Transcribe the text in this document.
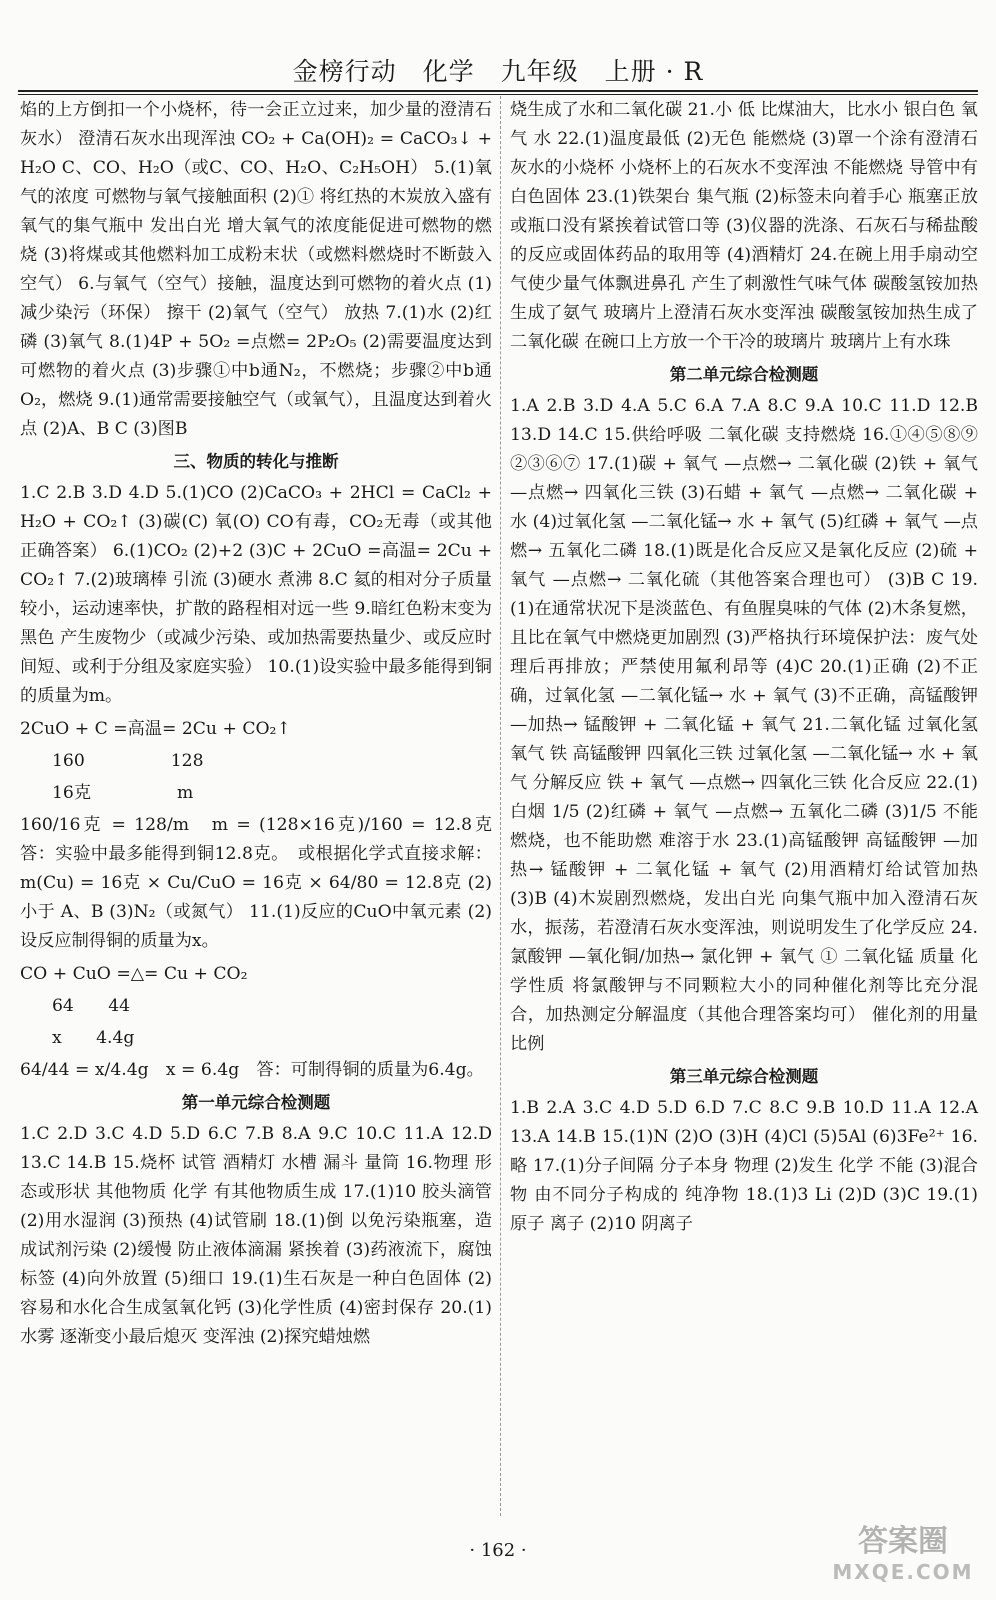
金榜行动　化学　九年级　上册 · R

焰的上方倒扣一个小烧杯，待一会正立过来，加少量的澄清石灰水） 澄清石灰水出现浑浊 CO₂ + Ca(OH)₂ = CaCO₃↓ + H₂O C、CO、H₂O（或C、CO、H₂O、C₂H₅OH） 5.(1)氧气的浓度 可燃物与氧气接触面积 (2)① 将红热的木炭放入盛有氧气的集气瓶中 发出白光 增大氧气的浓度能促进可燃物的燃烧 (3)将煤或其他燃料加工成粉末状（或燃料燃烧时不断鼓入空气） 6.与氧气（空气）接触，温度达到可燃物的着火点 (1)减少染污（环保） 擦干 (2)氧气（空气） 放热 7.(1)水 (2)红磷 (3)氧气 8.(1)4P + 5O₂ =点燃= 2P₂O₅ (2)需要温度达到可燃物的着火点 (3)步骤①中b通N₂，不燃烧；步骤②中b通O₂，燃烧 9.(1)通常需要接触空气（或氧气），且温度达到着火点 (2)A、B C (3)图B

三、物质的转化与推断

1.C 2.B 3.D 4.D 5.(1)CO (2)CaCO₃ + 2HCl = CaCl₂ + H₂O + CO₂↑ (3)碳(C) 氧(O) CO有毒，CO₂无毒（或其他正确答案） 6.(1)CO₂ (2)+2 (3)C + 2CuO =高温= 2Cu + CO₂↑ 7.(2)玻璃棒 引流 (3)硬水 煮沸 8.C 氦的相对分子质量较小，运动速率快，扩散的路程相对远一些 9.暗红色粉末变为黑色 产生废物少（或减少污染、或加热需要热量少、或反应时间短、或利于分组及家庭实验） 10.(1)设实验中最多能得到铜的质量为m。

2CuO + C =高温= 2Cu + CO₂↑

160　　　　　128

16克　　　　　m

160/16克 = 128/m　m = (128×16克)/160 = 12.8克　答：实验中最多能得到铜12.8克。　或根据化学式直接求解：m(Cu) = 16克 × Cu/CuO = 16克 × 64/80 = 12.8克 (2)小于 A、B (3)N₂（或氮气） 11.(1)反应的CuO中氧元素 (2)设反应制得铜的质量为x。

CO + CuO =△= Cu + CO₂

64　　44

x　　4.4g

64/44 = x/4.4g　x = 6.4g　答：可制得铜的质量为6.4g。

第一单元综合检测题

1.C 2.D 3.C 4.D 5.D 6.C 7.B 8.A 9.C 10.C 11.A 12.D 13.C 14.B 15.烧杯 试管 酒精灯 水槽 漏斗 量筒 16.物理 形态或形状 其他物质 化学 有其他物质生成 17.(1)10 胶头滴管 (2)用水湿润 (3)预热 (4)试管刷 18.(1)倒 以免污染瓶塞，造成试剂污染 (2)缓慢 防止液体滴漏 紧挨着 (3)药液流下，腐蚀标签 (4)向外放置 (5)细口 19.(1)生石灰是一种白色固体 (2)容易和水化合生成氢氧化钙 (3)化学性质 (4)密封保存 20.(1)水雾 逐渐变小最后熄灭 变浑浊 (2)探究蜡烛燃

烧生成了水和二氧化碳 21.小 低 比煤油大，比水小 银白色 氧气 水 22.(1)温度最低 (2)无色 能燃烧 (3)罩一个涂有澄清石灰水的小烧杯 小烧杯上的石灰水不变浑浊 不能燃烧 导管中有白色固体 23.(1)铁架台 集气瓶 (2)标签未向着手心 瓶塞正放或瓶口没有紧挨着试管口等 (3)仪器的洗涤、石灰石与稀盐酸的反应或固体药品的取用等 (4)酒精灯 24.在碗上用手扇动空气使少量气体飘进鼻孔 产生了刺激性气味气体 碳酸氢铵加热生成了氨气 玻璃片上澄清石灰水变浑浊 碳酸氢铵加热生成了二氧化碳 在碗口上方放一个干冷的玻璃片 玻璃片上有水珠

第二单元综合检测题

1.A 2.B 3.D 4.A 5.C 6.A 7.A 8.C 9.A 10.C 11.D 12.B 13.D 14.C 15.供给呼吸 二氧化碳 支持燃烧 16.①④⑤⑧⑨ ②③⑥⑦ 17.(1)碳 + 氧气 —点燃→ 二氧化碳 (2)铁 + 氧气 —点燃→ 四氧化三铁 (3)石蜡 + 氧气 —点燃→ 二氧化碳 + 水 (4)过氧化氢 —二氧化锰→ 水 + 氧气 (5)红磷 + 氧气 —点燃→ 五氧化二磷 18.(1)既是化合反应又是氧化反应 (2)硫 + 氧气 —点燃→ 二氧化硫（其他答案合理也可） (3)B C 19.(1)在通常状况下是淡蓝色、有鱼腥臭味的气体 (2)木条复燃，且比在氧气中燃烧更加剧烈 (3)严格执行环境保护法：废气处理后再排放；严禁使用氟利昂等 (4)C 20.(1)正确 (2)不正确，过氧化氢 —二氧化锰→ 水 + 氧气 (3)不正确，高锰酸钾 —加热→ 锰酸钾 + 二氧化锰 + 氧气 21.二氧化锰 过氧化氢 氧气 铁 高锰酸钾 四氧化三铁 过氧化氢 —二氧化锰→ 水 + 氧气 分解反应 铁 + 氧气 —点燃→ 四氧化三铁 化合反应 22.(1)白烟 1/5 (2)红磷 + 氧气 —点燃→ 五氧化二磷 (3)1/5 不能燃烧，也不能助燃 难溶于水 23.(1)高锰酸钾 高锰酸钾 —加热→ 锰酸钾 + 二氧化锰 + 氧气 (2)用酒精灯给试管加热 (3)B (4)木炭剧烈燃烧，发出白光 向集气瓶中加入澄清石灰水，振荡，若澄清石灰水变浑浊，则说明发生了化学反应 24.氯酸钾 —氧化铜/加热→ 氯化钾 + 氧气 ① 二氧化锰 质量 化学性质 将氯酸钾与不同颗粒大小的同种催化剂等比充分混合，加热测定分解温度（其他合理答案均可） 催化剂的用量比例

第三单元综合检测题

1.B 2.A 3.C 4.D 5.D 6.D 7.C 8.C 9.B 10.D 11.A 12.A 13.A 14.B 15.(1)N (2)O (3)H (4)Cl (5)5Al (6)3Fe²⁺ 16.略 17.(1)分子间隔 分子本身 物理 (2)发生 化学 不能 (3)混合物 由不同分子构成的 纯净物 18.(1)3 Li (2)D (3)C 19.(1)原子 离子 (2)10 阴离子

· 162 ·	答案圈
MXQE.COM
